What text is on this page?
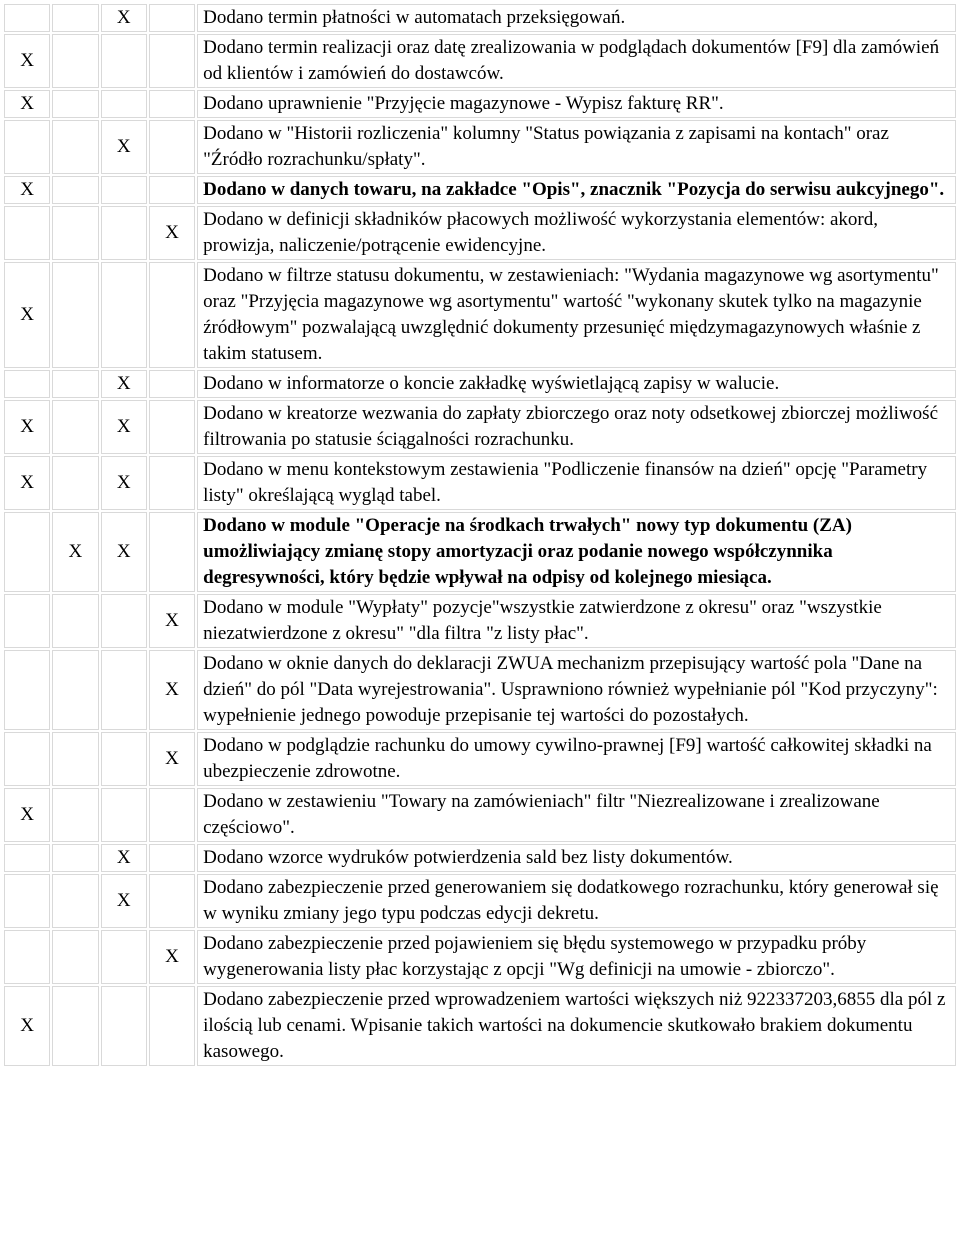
		X		Dodano termin płatności w automatach przeksięgowań.
X				Dodano termin realizacji oraz datę zrealizowania w podglądach dokumentów [F9] dla zamówień od klientów i zamówień do dostawców.
X				Dodano uprawnienie "Przyjęcie magazynowe - Wypisz fakturę RR".
		X		Dodano w "Historii rozliczenia" kolumny "Status powiązania z zapisami na kontach" oraz "Źródło rozrachunku/spłaty".
X				Dodano w danych towaru, na zakładce "Opis", znacznik "Pozycja do serwisu aukcyjnego".
			X	Dodano w definicji składników płacowych możliwość wykorzystania elementów: akord, prowizja, naliczenie/potrącenie ewidencyjne.
X				Dodano w filtrze statusu dokumentu, w zestawieniach: "Wydania magazynowe wg asortymentu" oraz "Przyjęcia magazynowe wg asortymentu" wartość "wykonany skutek tylko na magazynie źródłowym" pozwalającą uwzględnić dokumenty przesunięć międzymagazynowych właśnie z takim statusem.
		X		Dodano w informatorze o koncie zakładkę wyświetlającą zapisy w walucie.
X		X		Dodano w kreatorze wezwania do zapłaty zbiorczego oraz noty odsetkowej zbiorczej możliwość filtrowania po statusie ściągalności rozrachunku.
X		X		Dodano w menu kontekstowym zestawienia "Podliczenie finansów na dzień" opcję "Parametry listy" określającą wygląd tabel.
	X	X		Dodano w module "Operacje na środkach trwałych" nowy typ dokumentu (ZA) umożliwiający zmianę stopy amortyzacji oraz podanie nowego współczynnika degresywności, który będzie wpływał na odpisy od kolejnego miesiąca.
			X	Dodano w module "Wypłaty" pozycje"wszystkie zatwierdzone z okresu" oraz "wszystkie niezatwierdzone z okresu" "dla filtra "z listy płac".
			X	Dodano w oknie danych do deklaracji ZWUA mechanizm przepisujący wartość pola "Dane na dzień" do pól "Data wyrejestrowania". Usprawniono również wypełnianie pól "Kod przyczyny": wypełnienie jednego powoduje przepisanie tej wartości do pozostałych.
			X	Dodano w podglądzie rachunku do umowy cywilno-prawnej [F9] wartość całkowitej składki na ubezpieczenie zdrowotne.
X				Dodano w zestawieniu "Towary na zamówieniach" filtr "Niezrealizowane i zrealizowane częściowo".
		X		Dodano wzorce wydruków potwierdzenia sald bez listy dokumentów.
		X		Dodano zabezpieczenie przed generowaniem się dodatkowego rozrachunku, który generował się w wyniku zmiany jego typu podczas edycji dekretu.
			X	Dodano zabezpieczenie przed pojawieniem się błędu systemowego w przypadku próby wygenerowania listy płac korzystając z opcji "Wg definicji na umowie - zbiorczo".
X				Dodano zabezpieczenie przed wprowadzeniem wartości większych niż 922337203,6855 dla pól z ilością lub cenami. Wpisanie takich wartości na dokumencie skutkowało brakiem dokumentu kasowego.
